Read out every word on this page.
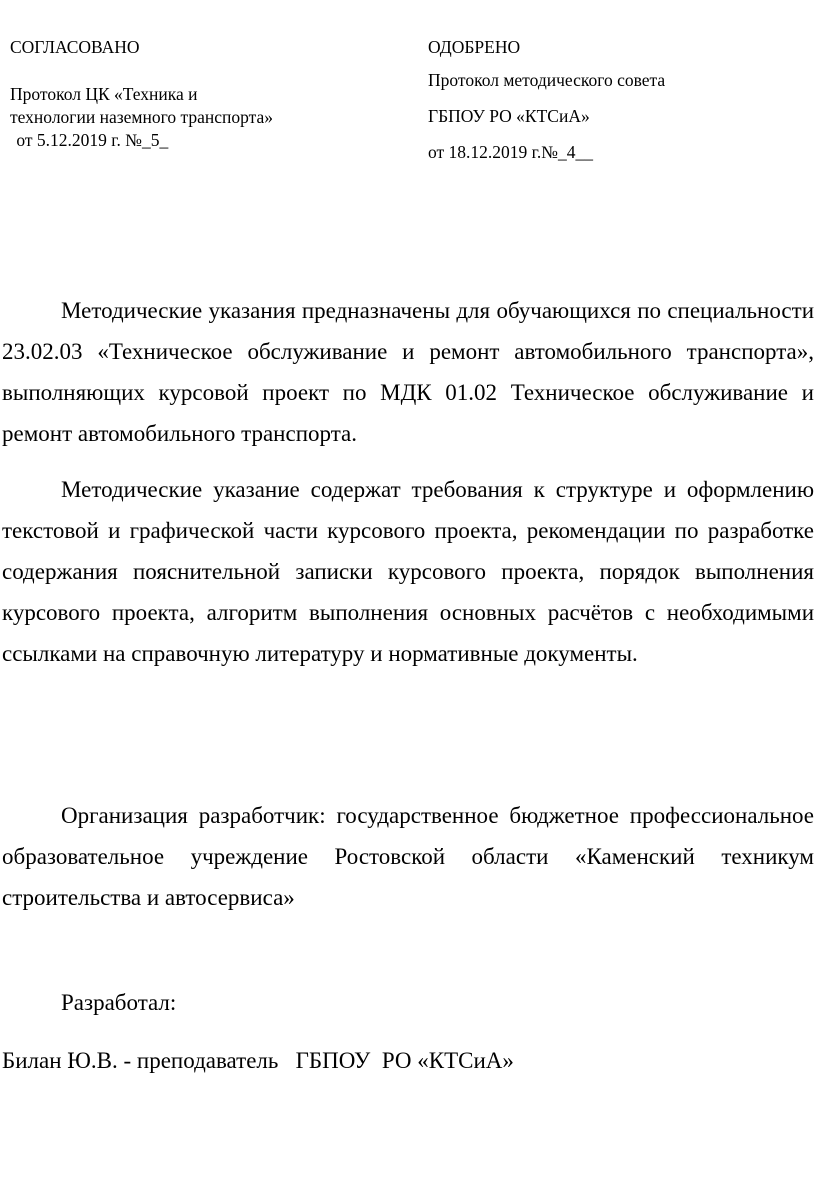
СОГЛАСОВАНО
Протокол ЦК «Техника и
технологии наземного транспорта»
от 5.12.2019 г. №_5_
ОДОБРЕНО
Протокол методического совета
ГБПОУ РО «КТСиА»
от 18.12.2019 г.№_4__

Методические указания предназначены для обучающихся по специальности 23.02.03 «Техническое обслуживание и ремонт автомобильного транспорта», выполняющих курсовой проект по МДК 01.02 Техническое обслуживание и ремонт автомобильного транспорта.

Методические указание содержат требования к структуре и оформлению текстовой и графической части курсового проекта, рекомендации по разработке содержания пояснительной записки курсового проекта, порядок выполнения курсового проекта, алгоритм выполнения основных расчётов с необходимыми ссылками на справочную литературу и нормативные документы.

Организация разработчик: государственное бюджетное профессиональное образовательное учреждение Ростовской области «Каменский техникум строительства и автосервиса»

Разработал:

Билан Ю.В. - преподаватель   ГБПОУ  РО «КТСиА»
